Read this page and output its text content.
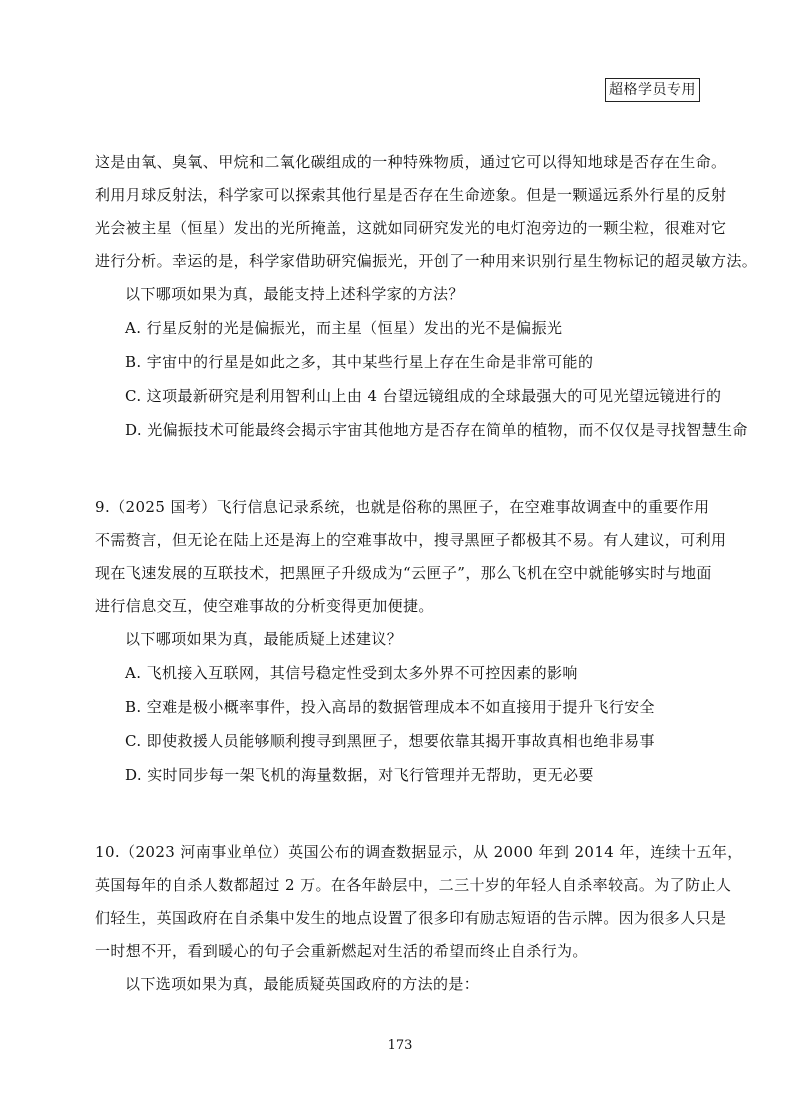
超格学员专用

这是由氧、臭氧、甲烷和二氧化碳组成的一种特殊物质，通过它可以得知地球是否存在生命。

利用月球反射法，科学家可以探索其他行星是否存在生命迹象。但是一颗遥远系外行星的反射

光会被主星（恒星）发出的光所掩盖，这就如同研究发光的电灯泡旁边的一颗尘粒，很难对它

进行分析。幸运的是，科学家借助研究偏振光，开创了一种用来识别行星生物标记的超灵敏方法。

以下哪项如果为真，最能支持上述科学家的方法？

A. 行星反射的光是偏振光，而主星（恒星）发出的光不是偏振光

B. 宇宙中的行星是如此之多，其中某些行星上存在生命是非常可能的

C. 这项最新研究是利用智利山上由 4 台望远镜组成的全球最强大的可见光望远镜进行的

D. 光偏振技术可能最终会揭示宇宙其他地方是否存在简单的植物，而不仅仅是寻找智慧生命

9.（2025 国考）飞行信息记录系统，也就是俗称的黑匣子，在空难事故调查中的重要作用

不需赘言，但无论在陆上还是海上的空难事故中，搜寻黑匣子都极其不易。有人建议，可利用

现在飞速发展的互联技术，把黑匣子升级成为“云匣子”，那么飞机在空中就能够实时与地面

进行信息交互，使空难事故的分析变得更加便捷。

以下哪项如果为真，最能质疑上述建议？

A. 飞机接入互联网，其信号稳定性受到太多外界不可控因素的影响

B. 空难是极小概率事件，投入高昂的数据管理成本不如直接用于提升飞行安全

C. 即使救援人员能够顺利搜寻到黑匣子，想要依靠其揭开事故真相也绝非易事

D. 实时同步每一架飞机的海量数据，对飞行管理并无帮助，更无必要

10.（2023 河南事业单位）英国公布的调查数据显示，从 2000 年到 2014 年，连续十五年，

英国每年的自杀人数都超过 2 万。在各年龄层中，二三十岁的年轻人自杀率较高。为了防止人

们轻生，英国政府在自杀集中发生的地点设置了很多印有励志短语的告示牌。因为很多人只是

一时想不开，看到暖心的句子会重新燃起对生活的希望而终止自杀行为。

以下选项如果为真，最能质疑英国政府的方法的是：

173
